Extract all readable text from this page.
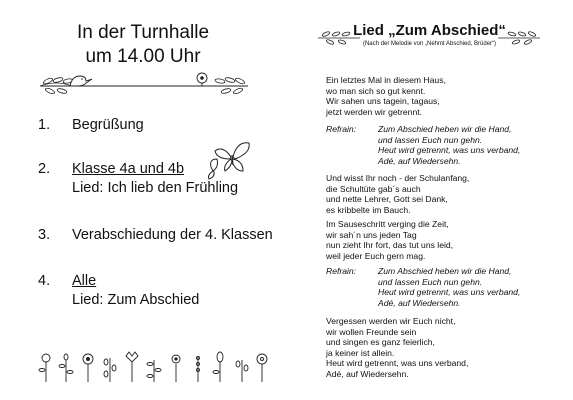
In der Turnhalle
um 14.00 Uhr
1. Begrüßung
2. Klasse 4a und 4b
Lied: Ich lieb den Frühling
3. Verabschiedung der 4. Klassen
4. Alle
Lied: Zum Abschied
Lied „Zum Abschied“
(Nach der Melodie von „Nehmt Abschied, Brüder“)
Ein letztes Mal in diesem Haus,
wo man sich so gut kennt.
Wir sahen uns tagein, tagaus,
jetzt werden wir getrennt.
Refrain:	Zum Abschied heben wir die Hand,
und lassen Euch nun gehn.
Heut wird getrennt, was uns verband,
Adé, auf Wiedersehn.
Und wisst Ihr noch - der Schulanfang,
die Schultüte gab´s auch
und nette Lehrer, Gott sei Dank,
es kribbelte im Bauch.
Im Sauseschritt verging die Zeit,
wir sah´n uns jeden Tag
nun zieht Ihr fort, das tut uns leid,
weil jeder Euch gern mag.
Refrain:	Zum Abschied heben wir die Hand,
und lassen Euch nun gehn.
Heut wird getrennt, was uns verband,
Adé, auf Wiedersehn.
Vergessen werden wir Euch nicht,
wir wollen Freunde sein
und singen es ganz feierlich,
ja keiner ist allein.
Heut wird getrennt, was uns verband,
Adé, auf Wiedersehn.
